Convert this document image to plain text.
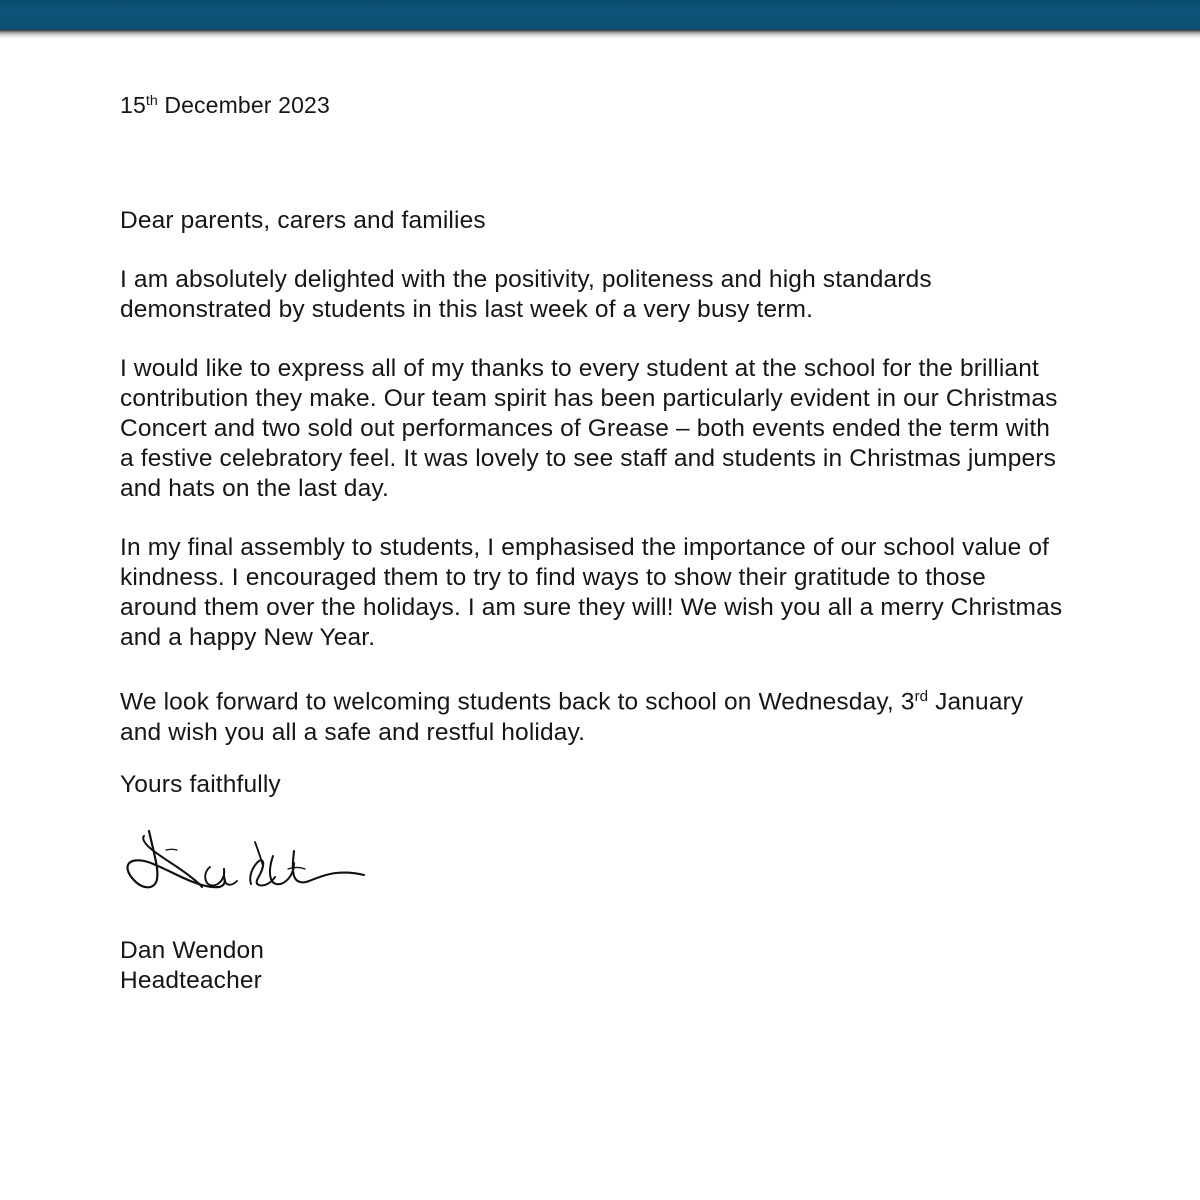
15th December 2023
Dear parents, carers and families

I am absolutely delighted with the positivity, politeness and high standards demonstrated by students in this last week of a very busy term.

I would like to express all of my thanks to every student at the school for the brilliant contribution they make. Our team spirit has been particularly evident in our Christmas Concert and two sold out performances of Grease – both events ended the term with a festive celebratory feel. It was lovely to see staff and students in Christmas jumpers and hats on the last day.

In my final assembly to students, I emphasised the importance of our school value of kindness. I encouraged them to try to find ways to show their gratitude to those around them over the holidays. I am sure they will! We wish you all a merry Christmas and a happy New Year.

We look forward to welcoming students back to school on Wednesday, 3rd January and wish you all a safe and restful holiday.

Yours faithfully
Dan Wendon
Headteacher
